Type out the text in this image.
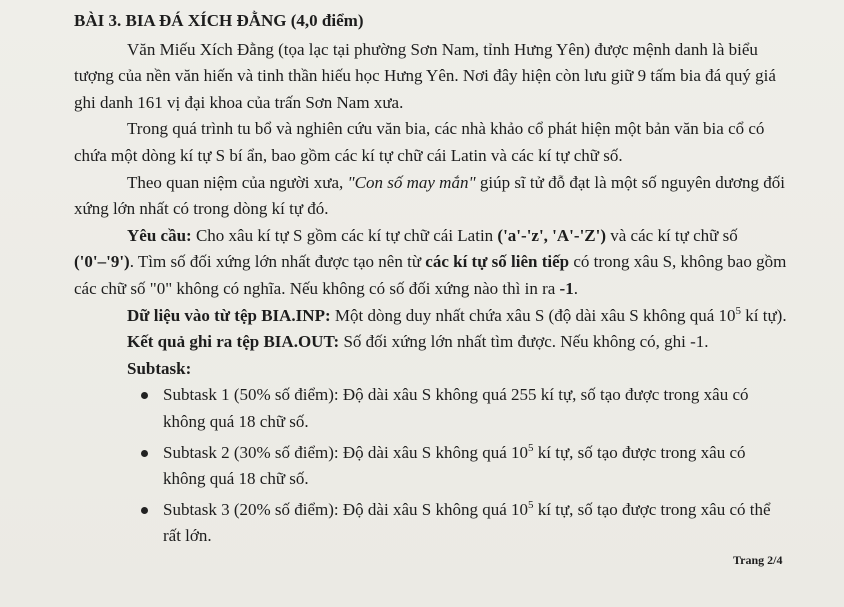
BÀI 3. BIA ĐÁ XÍCH ĐẰNG (4,0 điểm)

Văn Miếu Xích Đằng (tọa lạc tại phường Sơn Nam, tỉnh Hưng Yên) được mệnh danh là biểu tượng của nền văn hiến và tinh thần hiếu học Hưng Yên. Nơi đây hiện còn lưu giữ 9 tấm bia đá quý giá ghi danh 161 vị đại khoa của trấn Sơn Nam xưa.

Trong quá trình tu bổ và nghiên cứu văn bia, các nhà khảo cổ phát hiện một bản văn bia cổ có chứa một dòng kí tự S bí ẩn, bao gồm các kí tự chữ cái Latin và các kí tự chữ số.

Theo quan niệm của người xưa, "Con số may mắn" giúp sĩ tử đỗ đạt là một số nguyên dương đối xứng lớn nhất có trong dòng kí tự đó.

Yêu cầu: Cho xâu kí tự S gồm các kí tự chữ cái Latin ('a'-'z', 'A'-'Z') và các kí tự chữ số ('0'–'9'). Tìm số đối xứng lớn nhất được tạo nên từ các kí tự số liên tiếp có trong xâu S, không bao gồm các chữ số "0" không có nghĩa. Nếu không có số đối xứng nào thì in ra -1.

Dữ liệu vào từ tệp BIA.INP: Một dòng duy nhất chứa xâu S (độ dài xâu S không quá $10^5$ kí tự).

Kết quả ghi ra tệp BIA.OUT: Số đối xứng lớn nhất tìm được. Nếu không có, ghi -1.

Subtask:

Subtask 1 (50% số điểm): Độ dài xâu S không quá 255 kí tự, số tạo được trong xâu có không quá 18 chữ số.
Subtask 2 (30% số điểm): Độ dài xâu S không quá $10^5$ kí tự, số tạo được trong xâu có không quá 18 chữ số.
Subtask 3 (20% số điểm): Độ dài xâu S không quá $10^5$ kí tự, số tạo được trong xâu có thể rất lớn.
Trang 2/4
